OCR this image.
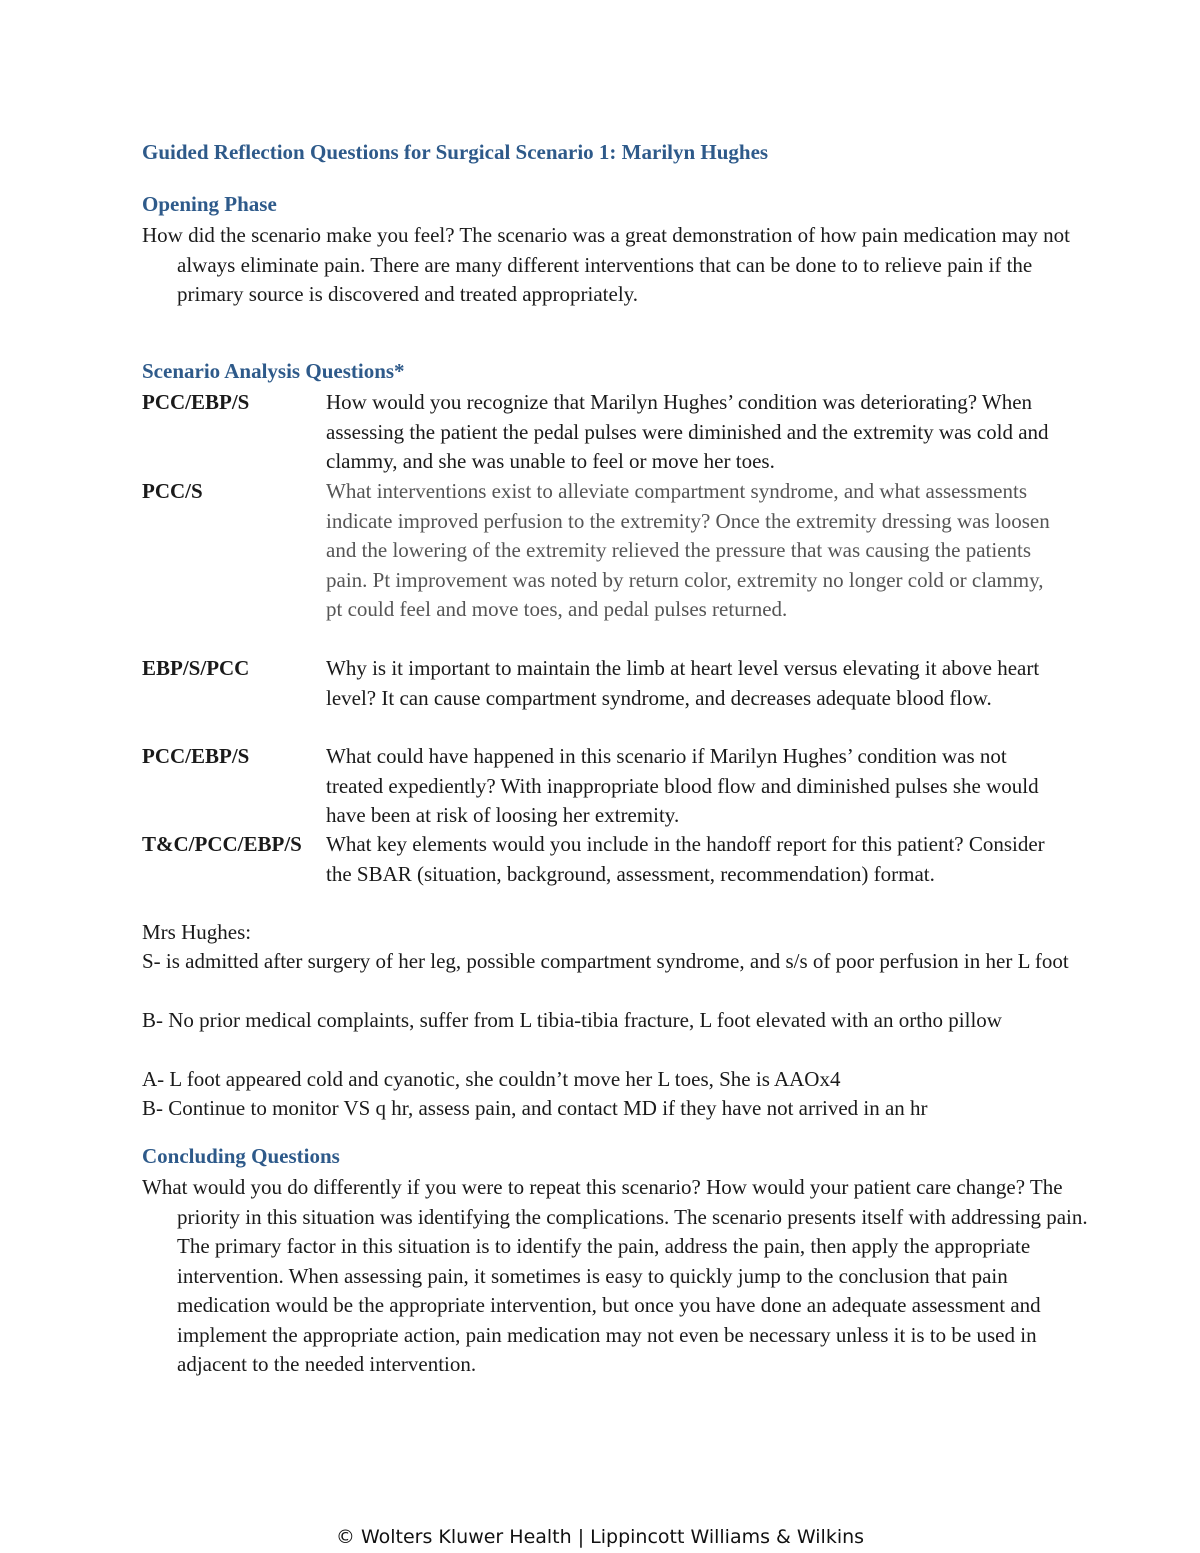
Guided Reflection Questions for Surgical Scenario 1: Marilyn Hughes
Opening Phase
How did the scenario make you feel? The scenario was a great demonstration of how pain medication may not always eliminate pain. There are many different interventions that can be done to to relieve pain if the primary source is discovered and treated appropriately.
Scenario Analysis Questions*
PCC/EBP/S	How would you recognize that Marilyn Hughes’ condition was deteriorating? When assessing the patient the pedal pulses were diminished and the extremity was cold and clammy, and she was unable to feel or move her toes.
PCC/S	What interventions exist to alleviate compartment syndrome, and what assessments indicate improved perfusion to the extremity? Once the extremity dressing was loosen and the lowering of the extremity relieved the pressure that was causing the patients pain. Pt improvement was noted by return color, extremity no longer cold or clammy, pt could feel and move toes, and pedal pulses returned.
EBP/S/PCC	Why is it important to maintain the limb at heart level versus elevating it above heart level? It can cause compartment syndrome, and decreases adequate blood flow.
PCC/EBP/S	What could have happened in this scenario if Marilyn Hughes’ condition was not treated expediently? With inappropriate blood flow and diminished pulses she would have been at risk of loosing her extremity.
T&C/PCC/EBP/S What key elements would you include in the handoff report for this patient? Consider the SBAR (situation, background, assessment, recommendation) format.
Mrs Hughes:
S- is admitted after surgery of her leg, possible compartment syndrome, and s/s of poor perfusion in her L foot
B- No prior medical complaints, suffer from L tibia-tibia fracture, L foot elevated with an ortho pillow
A- L foot appeared cold and cyanotic, she couldn’t move her L toes, She is AAOx4
B- Continue to monitor VS q hr, assess pain, and contact MD if they have not arrived in an hr
Concluding Questions
What would you do differently if you were to repeat this scenario? How would your patient care change? The priority in this situation was identifying the complications. The scenario presents itself with addressing pain. The primary factor in this situation is to identify the pain, address the pain, then apply the appropriate intervention. When assessing pain, it sometimes is easy to quickly jump to the conclusion that pain medication would be the appropriate intervention, but once you have done an adequate assessment and implement the appropriate action, pain medication may not even be necessary unless it is to be used in adjacent to the needed intervention.
© Wolters Kluwer Health | Lippincott Williams & Wilkins
